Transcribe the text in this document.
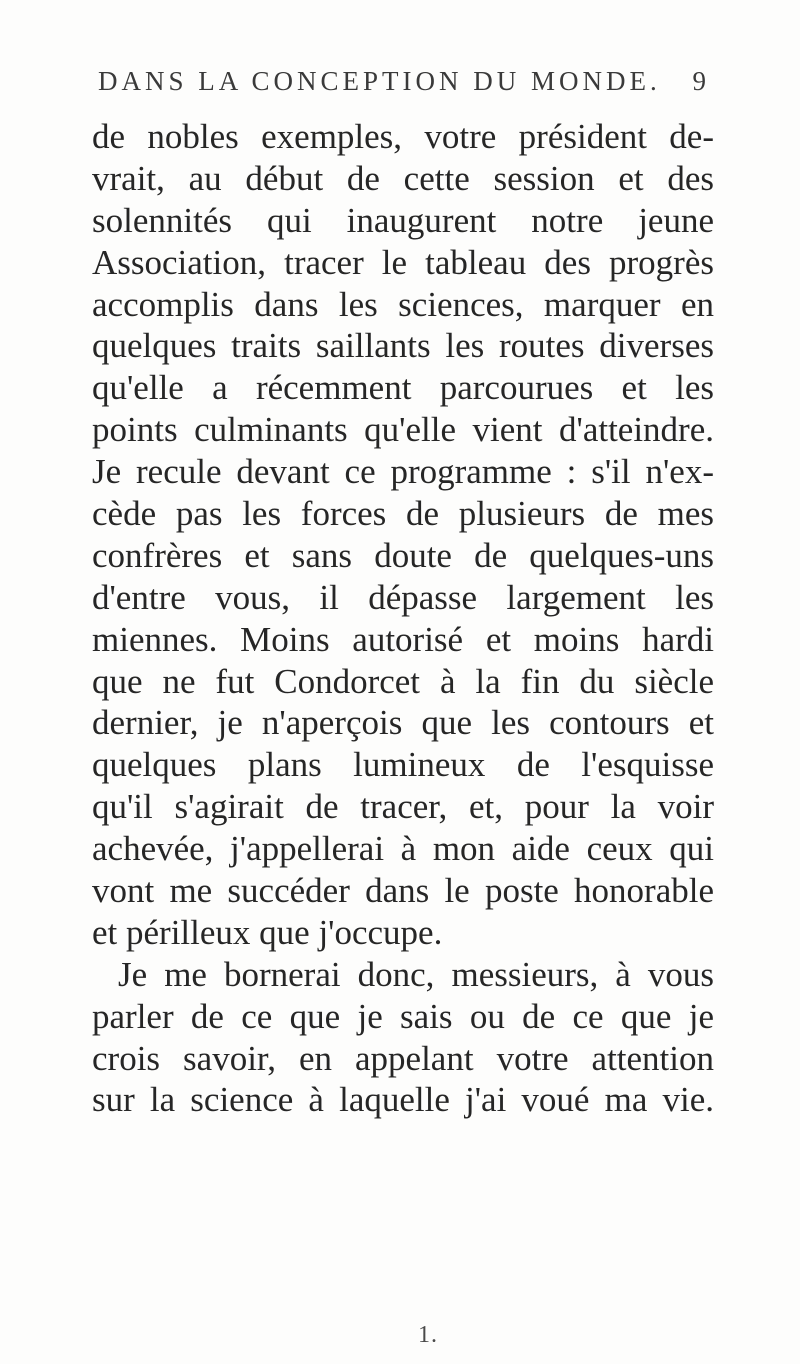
DANS LA CONCEPTION DU MONDE. 9
de nobles exemples, votre président de-
vrait, au début de cette session et des
solennités qui inaugurent notre jeune
Association, tracer le tableau des progrès
accomplis dans les sciences, marquer en
quelques traits saillants les routes diverses
qu'elle a récemment parcourues et les
points culminants qu'elle vient d'atteindre.
Je recule devant ce programme : s'il n'ex-
cède pas les forces de plusieurs de mes
confrères et sans doute de quelques-uns
d'entre vous, il dépasse largement les
miennes. Moins autorisé et moins hardi
que ne fut Condorcet à la fin du siècle
dernier, je n'aperçois que les contours et
quelques plans lumineux de l'esquisse
qu'il s'agirait de tracer, et, pour la voir
achevée, j'appellerai à mon aide ceux qui
vont me succéder dans le poste honorable
et périlleux que j'occupe.
Je me bornerai donc, messieurs, à vous
parler de ce que je sais ou de ce que je
crois savoir, en appelant votre attention
sur la science à laquelle j'ai voué ma vie.
1.
